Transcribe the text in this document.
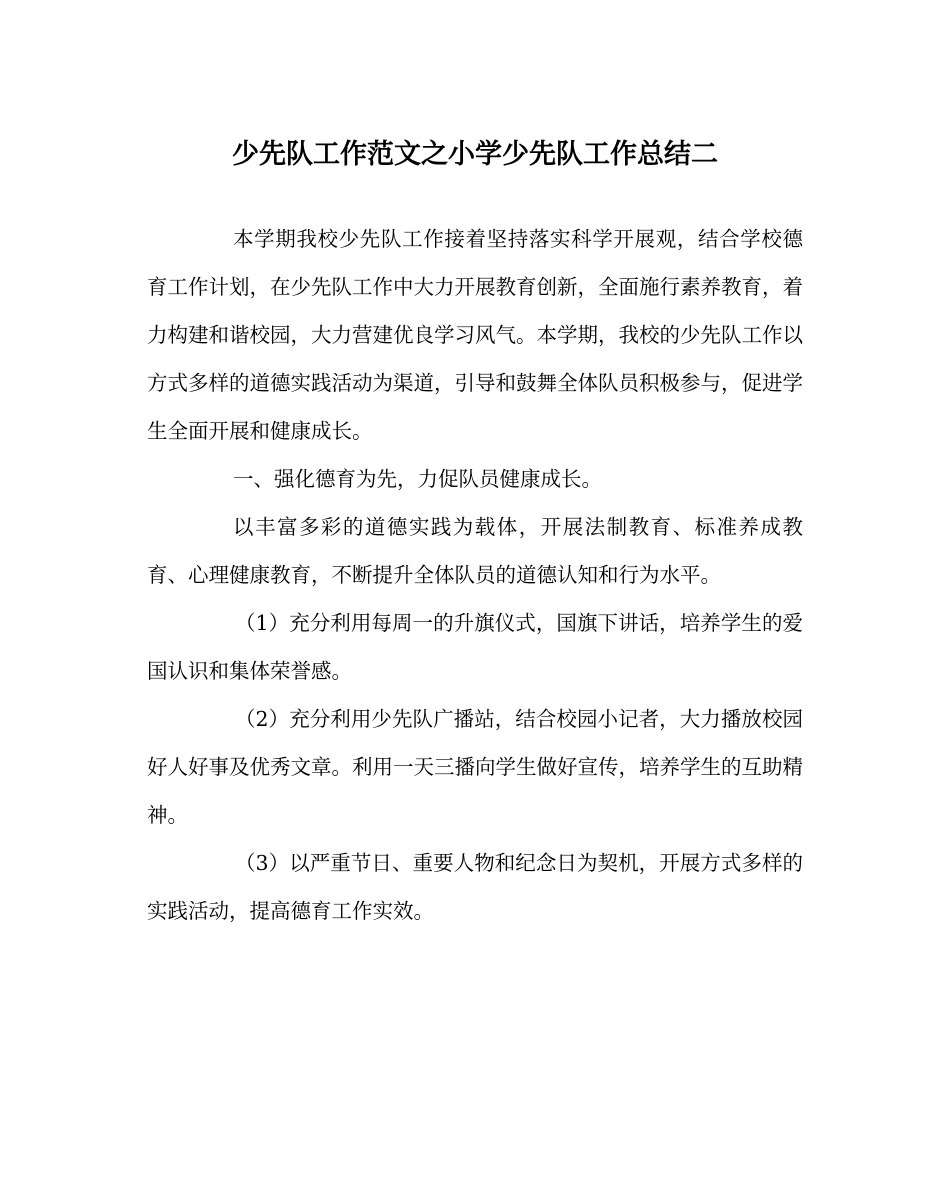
少先队工作范文之小学少先队工作总结二

本学期我校少先队工作接着坚持落实科学开展观，结合学校德育工作计划，在少先队工作中大力开展教育创新，全面施行素养教育，着力构建和谐校园，大力营建优良学习风气。本学期，我校的少先队工作以方式多样的道德实践活动为渠道，引导和鼓舞全体队员积极参与，促进学生全面开展和健康成长。

一、强化德育为先，力促队员健康成长。

以丰富多彩的道德实践为载体，开展法制教育、标准养成教育、心理健康教育，不断提升全体队员的道德认知和行为水平。

（1）充分利用每周一的升旗仪式，国旗下讲话，培养学生的爱国认识和集体荣誉感。

（2）充分利用少先队广播站，结合校园小记者，大力播放校园好人好事及优秀文章。利用一天三播向学生做好宣传，培养学生的互助精神。

（3）以严重节日、重要人物和纪念日为契机，开展方式多样的实践活动，提高德育工作实效。
